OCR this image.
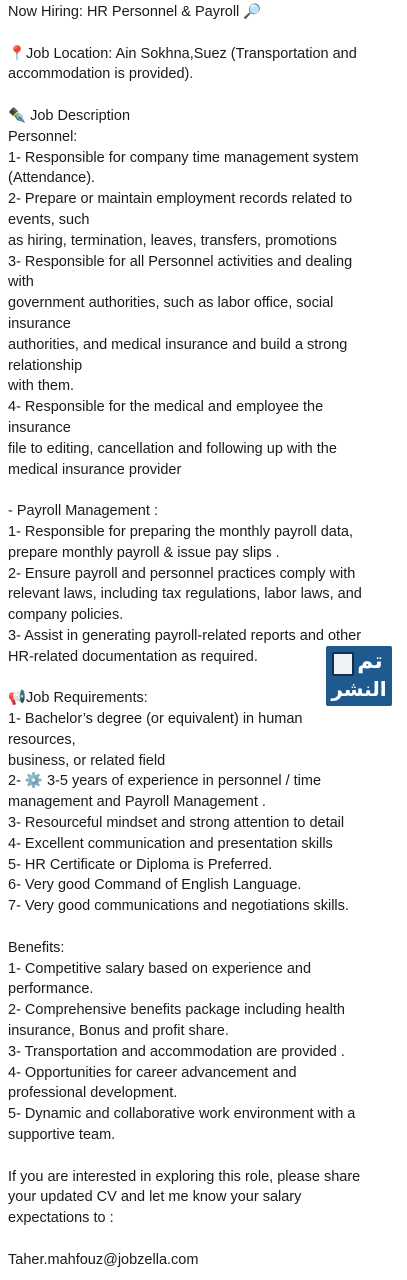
Now Hiring: HR Personnel & Payroll 🔎
📍Job Location: Ain Sokhna,Suez (Transportation and
accommodation is provided).
✒️ Job Description
Personnel:
1- Responsible for company time management system
(Attendance).
2- Prepare or maintain employment records related to
events, such
as hiring, termination, leaves, transfers, promotions
3- Responsible for all Personnel activities and dealing
with
government authorities, such as labor office, social
insurance
authorities, and medical insurance and build a strong
relationship
with them.
4- Responsible for the medical and employee the
insurance
file to editing, cancellation and following up with the
medical insurance provider
- Payroll Management :
1- Responsible for preparing the monthly payroll data,
prepare monthly payroll & issue pay slips .
2- Ensure payroll and personnel practices comply with
relevant laws, including tax regulations, labor laws, and
company policies.
3- Assist in generating payroll-related reports and other
HR-related documentation as required.
📢Job Requirements:
1- Bachelor’s degree (or equivalent) in human
resources,
business, or related field
2- ⚙️ 3-5 years of experience in personnel / time
management and Payroll Management .
3- Resourceful mindset and strong attention to detail
4- Excellent communication and presentation skills
5- HR Certificate or Diploma is Preferred.
6- Very good Command of English Language.
7- Very good communications and negotiations skills.
Benefits:
1- Competitive salary based on experience and
performance.
2- Comprehensive benefits package including health
insurance, Bonus and profit share.
3- Transportation and accommodation are provided .
4- Opportunities for career advancement and
professional development.
5- Dynamic and collaborative work environment with a
supportive team.
If you are interested in exploring this role, please share
your updated CV and let me know your salary
expectations to :
Taher.mahfouz@jobzella.com
تم
النشر
